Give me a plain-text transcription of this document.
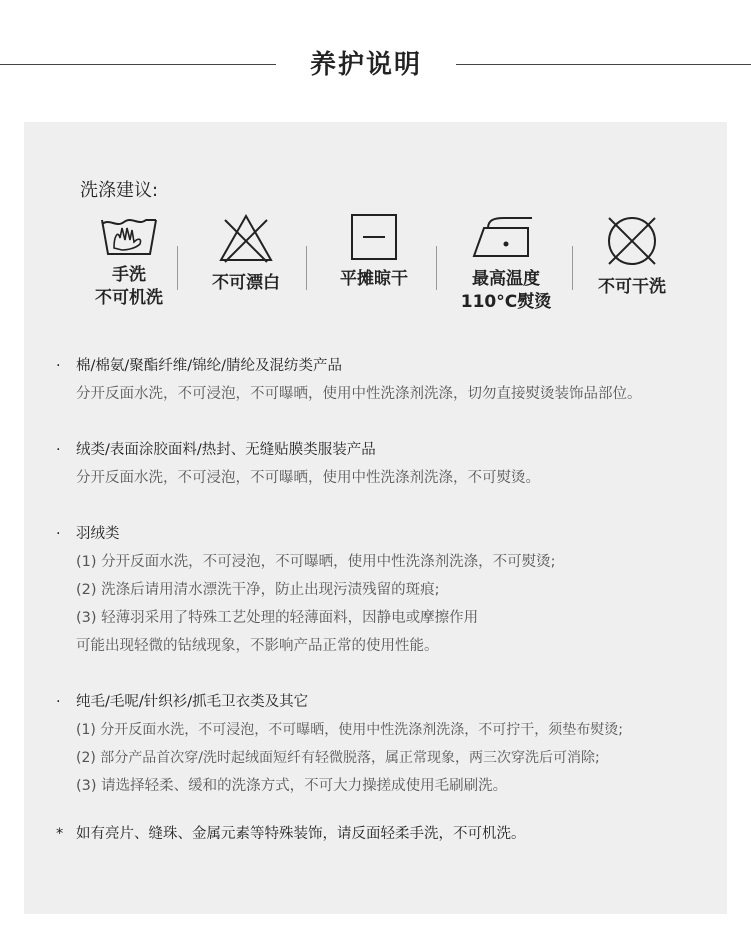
养护说明
洗涤建议:
手洗
不可机洗
不可漂白	平摊晾干	最高温度
110°C熨烫
不可干洗
· 棉/棉氨/聚酯纤维/锦纶/腈纶及混纺类产品
分开反面水洗，不可浸泡，不可曝晒，使用中性洗涤剂洗涤，切勿直接熨烫装饰品部位。
· 绒类/表面涂胶面料/热封、无缝贴膜类服装产品
分开反面水洗，不可浸泡，不可曝晒，使用中性洗涤剂洗涤，不可熨烫。
· 羽绒类
(1) 分开反面水洗，不可浸泡，不可曝晒，使用中性洗涤剂洗涤，不可熨烫;
(2) 洗涤后请用清水漂洗干净，防止出现污渍残留的斑痕;
(3) 轻薄羽采用了特殊工艺处理的轻薄面料，因静电或摩擦作用
可能出现轻微的钻绒现象，不影响产品正常的使用性能。
· 纯毛/毛呢/针织衫/抓毛卫衣类及其它
(1) 分开反面水洗，不可浸泡，不可曝晒，使用中性洗涤剂洗涤，不可拧干，须垫布熨烫;
(2) 部分产品首次穿/洗时起绒面短纤有轻微脱落，属正常现象，两三次穿洗后可消除;
(3) 请选择轻柔、缓和的洗涤方式，不可大力操搓成使用毛刷刷洗。
* 如有亮片、缝珠、金属元素等特殊装饰，请反面轻柔手洗，不可机洗。
